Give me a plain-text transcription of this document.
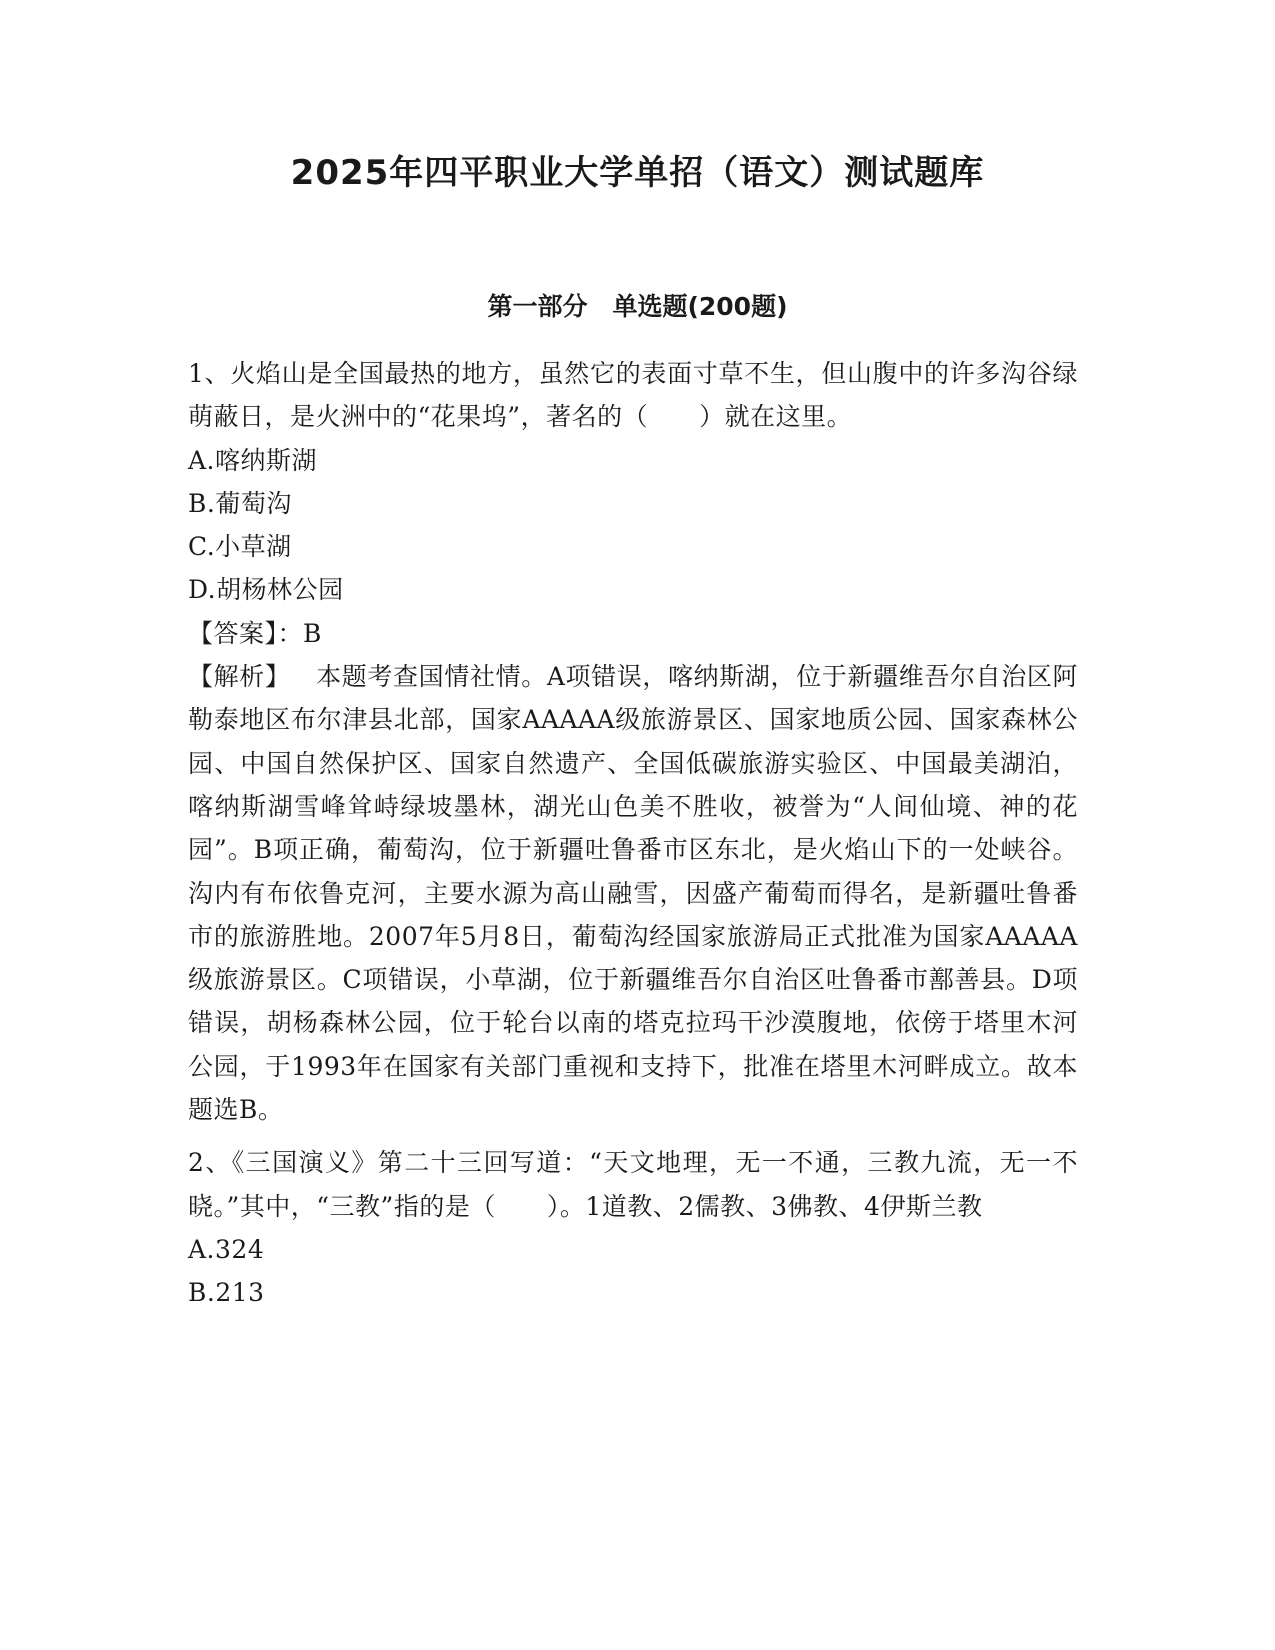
2025年四平职业大学单招（语文）测试题库
第一部分　单选题(200题)

1、火焰山是全国最热的地方，虽然它的表面寸草不生，但山腹中的许多沟谷绿萌蔽日，是火洲中的“花果坞”，著名的（　　）就在这里。

A.喀纳斯湖

B.葡萄沟

C.小草湖

D.胡杨林公园

【答案】：B

【解析】  本题考查国情社情。A项错误，喀纳斯湖，位于新疆维吾尔自治区阿勒泰地区布尔津县北部，国家AAAAA级旅游景区、国家地质公园、国家森林公园、中国自然保护区、国家自然遗产、全国低碳旅游实验区、中国最美湖泊，喀纳斯湖雪峰耸峙绿坡墨林，湖光山色美不胜收，被誉为“人间仙境、神的花园”。B项正确，葡萄沟，位于新疆吐鲁番市区东北，是火焰山下的一处峡谷。沟内有布依鲁克河，主要水源为高山融雪，因盛产葡萄而得名，是新疆吐鲁番市的旅游胜地。2007年5月8日，葡萄沟经国家旅游局正式批准为国家AAAAA级旅游景区。C项错误，小草湖，位于新疆维吾尔自治区吐鲁番市鄯善县。D项错误，胡杨森林公园，位于轮台以南的塔克拉玛干沙漠腹地，依傍于塔里木河公园，于1993年在国家有关部门重视和支持下，批准在塔里木河畔成立。故本题选B。

2、《三国演义》第二十三回写道：“天文地理，无一不通，三教九流，无一不晓。”其中，“三教”指的是（　　）。1道教、2儒教、3佛教、4伊斯兰教

A.324

B.213
